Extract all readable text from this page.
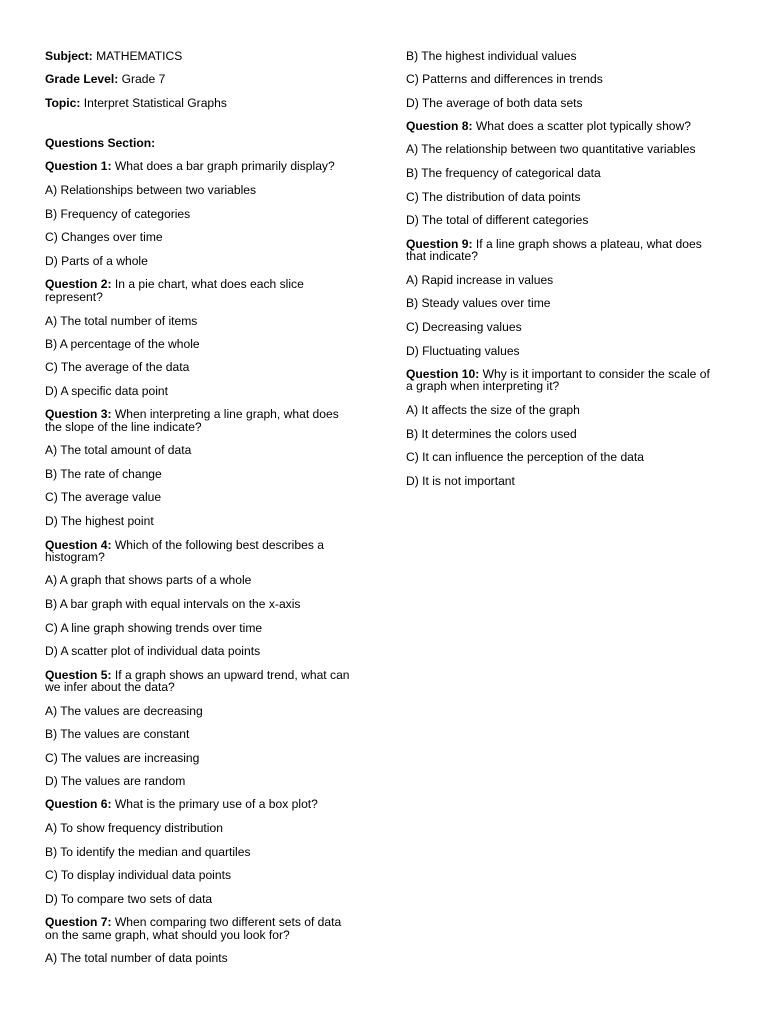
Subject: MATHEMATICS
Grade Level: Grade 7
Topic: Interpret Statistical Graphs
Questions Section:
Question 1: What does a bar graph primarily display?
A) Relationships between two variables
B) Frequency of categories
C) Changes over time
D) Parts of a whole
Question 2: In a pie chart, what does each slice
represent?
A) The total number of items
B) A percentage of the whole
C) The average of the data
D) A specific data point
Question 3: When interpreting a line graph, what does
the slope of the line indicate?
A) The total amount of data
B) The rate of change
C) The average value
D) The highest point
Question 4: Which of the following best describes a
histogram?
A) A graph that shows parts of a whole
B) A bar graph with equal intervals on the x-axis
C) A line graph showing trends over time
D) A scatter plot of individual data points
Question 5: If a graph shows an upward trend, what can
we infer about the data?
A) The values are decreasing
B) The values are constant
C) The values are increasing
D) The values are random
Question 6: What is the primary use of a box plot?
A) To show frequency distribution
B) To identify the median and quartiles
C) To display individual data points
D) To compare two sets of data
Question 7: When comparing two different sets of data
on the same graph, what should you look for?
A) The total number of data points
B) The highest individual values
C) Patterns and differences in trends
D) The average of both data sets
Question 8: What does a scatter plot typically show?
A) The relationship between two quantitative variables
B) The frequency of categorical data
C) The distribution of data points
D) The total of different categories
Question 9: If a line graph shows a plateau, what does
that indicate?
A) Rapid increase in values
B) Steady values over time
C) Decreasing values
D) Fluctuating values
Question 10: Why is it important to consider the scale of
a graph when interpreting it?
A) It affects the size of the graph
B) It determines the colors used
C) It can influence the perception of the data
D) It is not important
